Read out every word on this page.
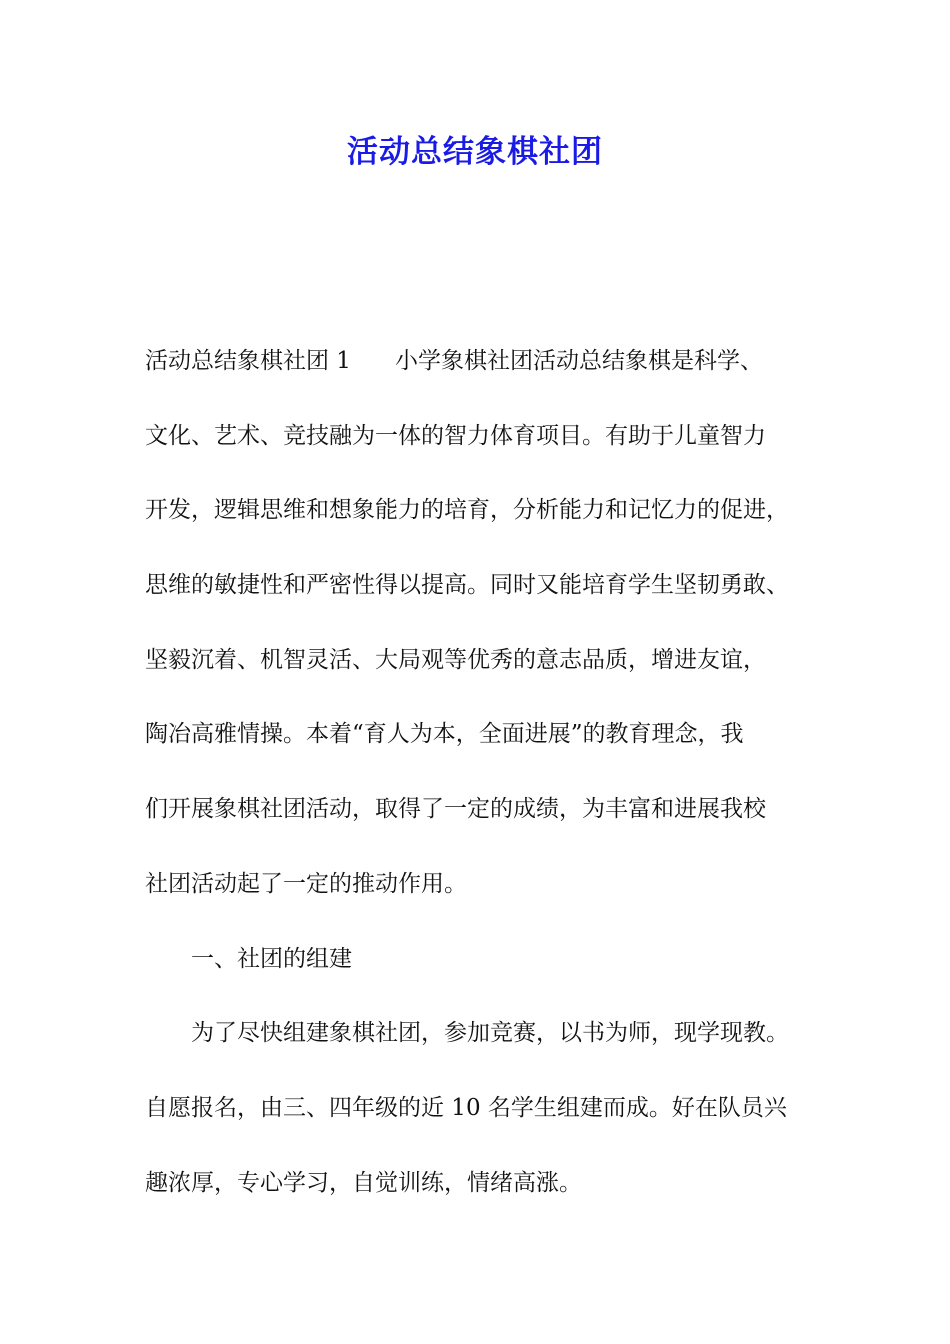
活动总结象棋社团

活动总结象棋社团 1 小学象棋社团活动总结象棋是科学、

文化、艺术、竞技融为一体的智力体育项目。有助于儿童智力

开发，逻辑思维和想象能力的培育，分析能力和记忆力的促进，

思维的敏捷性和严密性得以提高。同时又能培育学生坚韧勇敢、

坚毅沉着、机智灵活、大局观等优秀的意志品质，增进友谊，

陶冶高雅情操。本着“育人为本，全面进展”的教育理念，我

们开展象棋社团活动，取得了一定的成绩，为丰富和进展我校

社团活动起了一定的推动作用。

一、社团的组建

为了尽快组建象棋社团，参加竞赛，以书为师，现学现教。

自愿报名，由三、四年级的近 10 名学生组建而成。好在队员兴

趣浓厚，专心学习，自觉训练，情绪高涨。
